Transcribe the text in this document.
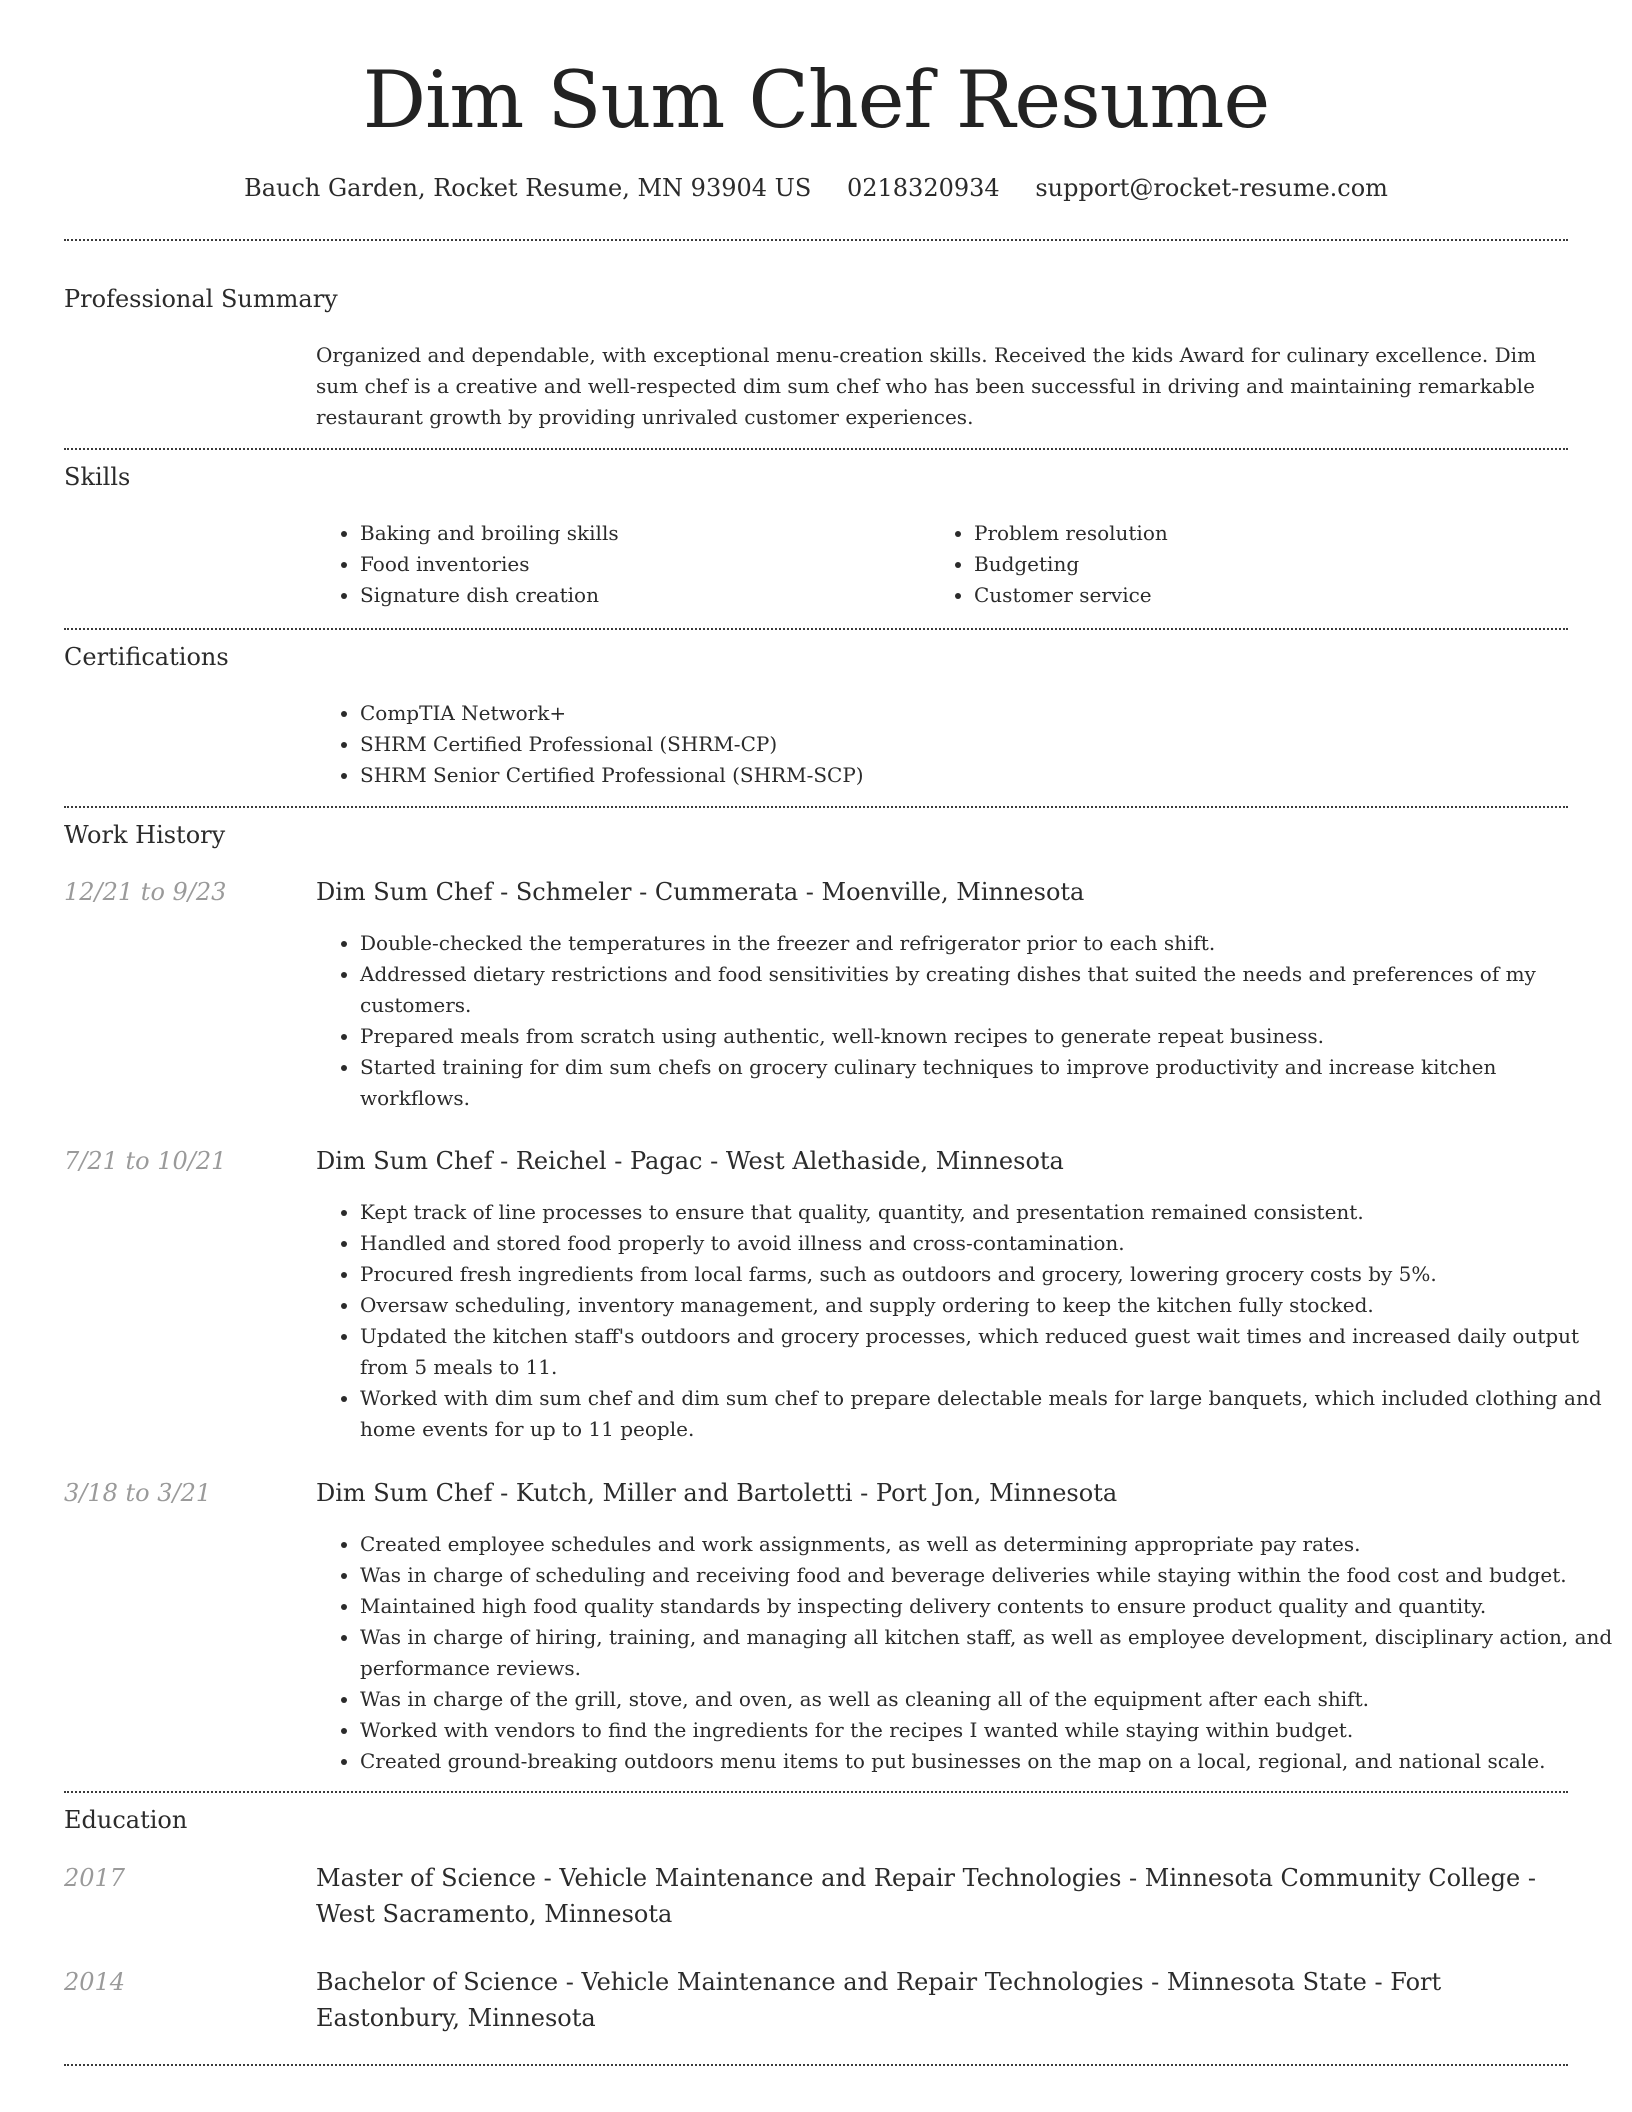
Dim Sum Chef Resume
Bauch Garden, Rocket Resume, MN 93904 US 0218320934 support@rocket-resume.com
Professional Summary

Organized and dependable, with exceptional menu-creation skills. Received the kids Award for culinary excellence. Dim sum chef is a creative and well-respected dim sum chef who has been successful in driving and maintaining remarkable restaurant growth by providing unrivaled customer experiences.

Skills
• Baking and broiling skills
• Food inventories
• Signature dish creation
• Problem resolution
• Budgeting
• Customer service
Certifications
• CompTIA Network+
• SHRM Certified Professional (SHRM-CP)
• SHRM Senior Certified Professional (SHRM-SCP)
Work History
12/21 to 9/23	Dim Sum Chef - Schmeler - Cummerata - Moenville, Minnesota
• Double-checked the temperatures in the freezer and refrigerator prior to each shift.
• Addressed dietary restrictions and food sensitivities by creating dishes that suited the needs and preferences of my customers.
• Prepared meals from scratch using authentic, well-known recipes to generate repeat business.
• Started training for dim sum chefs on grocery culinary techniques to improve productivity and increase kitchen workflows.
7/21 to 10/21	Dim Sum Chef - Reichel - Pagac - West Alethaside, Minnesota
• Kept track of line processes to ensure that quality, quantity, and presentation remained consistent.
• Handled and stored food properly to avoid illness and cross-contamination.
• Procured fresh ingredients from local farms, such as outdoors and grocery, lowering grocery costs by 5%.
• Oversaw scheduling, inventory management, and supply ordering to keep the kitchen fully stocked.
• Updated the kitchen staff's outdoors and grocery processes, which reduced guest wait times and increased daily output from 5 meals to 11.
• Worked with dim sum chef and dim sum chef to prepare delectable meals for large banquets, which included clothing and home events for up to 11 people.
3/18 to 3/21	Dim Sum Chef - Kutch, Miller and Bartoletti - Port Jon, Minnesota
• Created employee schedules and work assignments, as well as determining appropriate pay rates.
• Was in charge of scheduling and receiving food and beverage deliveries while staying within the food cost and budget.
• Maintained high food quality standards by inspecting delivery contents to ensure product quality and quantity.
• Was in charge of hiring, training, and managing all kitchen staff, as well as employee development, disciplinary action, and performance reviews.
• Was in charge of the grill, stove, and oven, as well as cleaning all of the equipment after each shift.
• Worked with vendors to find the ingredients for the recipes I wanted while staying within budget.
• Created ground-breaking outdoors menu items to put businesses on the map on a local, regional, and national scale.
Education
2017	Master of Science - Vehicle Maintenance and Repair Technologies - Minnesota Community College - West Sacramento, Minnesota
2014	Bachelor of Science - Vehicle Maintenance and Repair Technologies - Minnesota State - Fort Eastonbury, Minnesota
